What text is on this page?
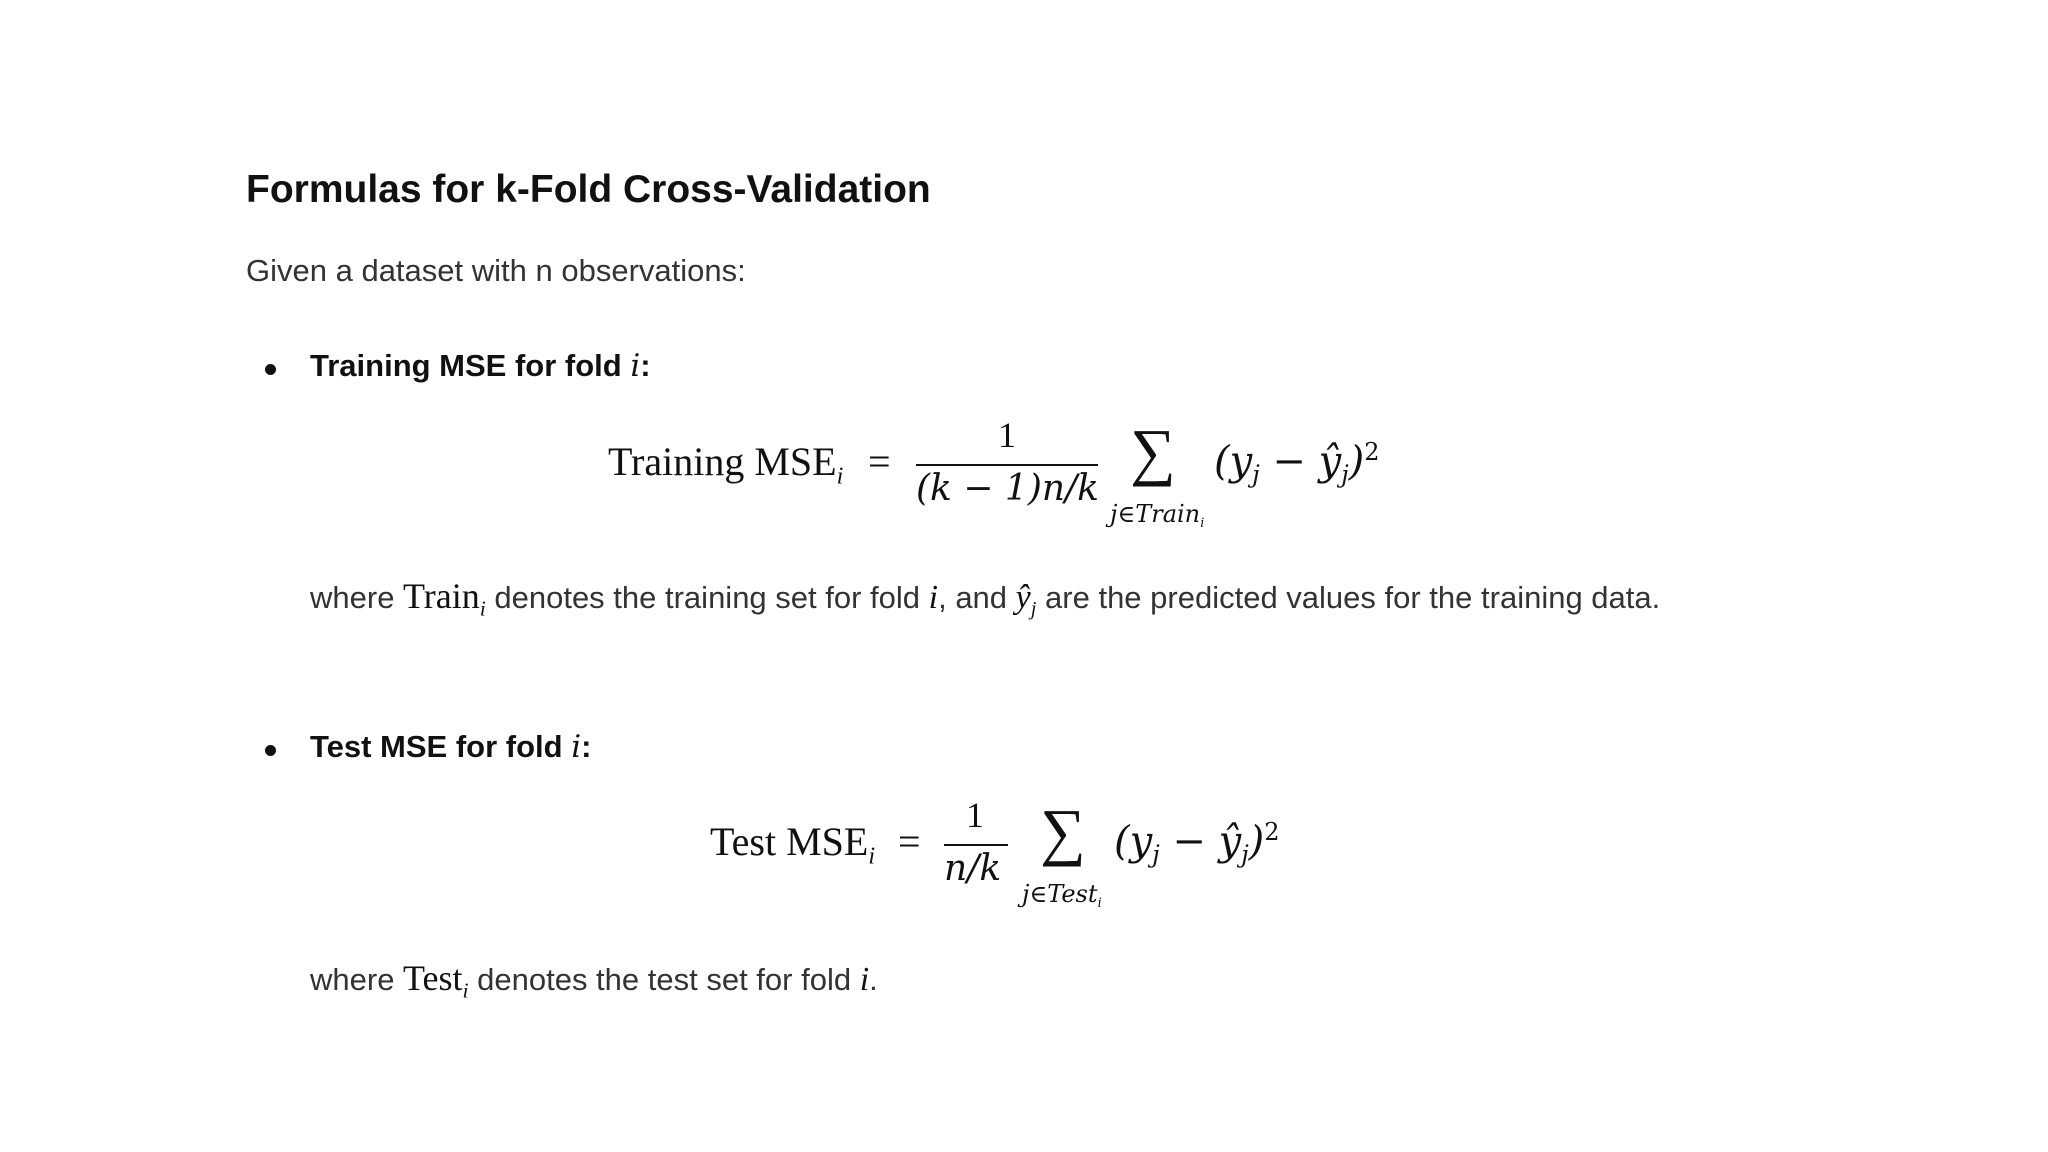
Formulas for k-Fold Cross-Validation
Given a dataset with n observations:
Training MSE for fold i:
Training $MSE_i$ =
1
(k − 1)n/k
∑
j∈Train$_i$
($y_j$ − $ŷ_j)^2$
where Train$_i$ denotes the training set for fold i, and $ŷ_j$ are the predicted values for the training data.
Test MSE for fold i:
Test $MSE_i$ =
1
n/k
∑
j∈Test$_i$
($y_j$ − $ŷ_j)^2$
where Test$_i$ denotes the test set for fold i.
